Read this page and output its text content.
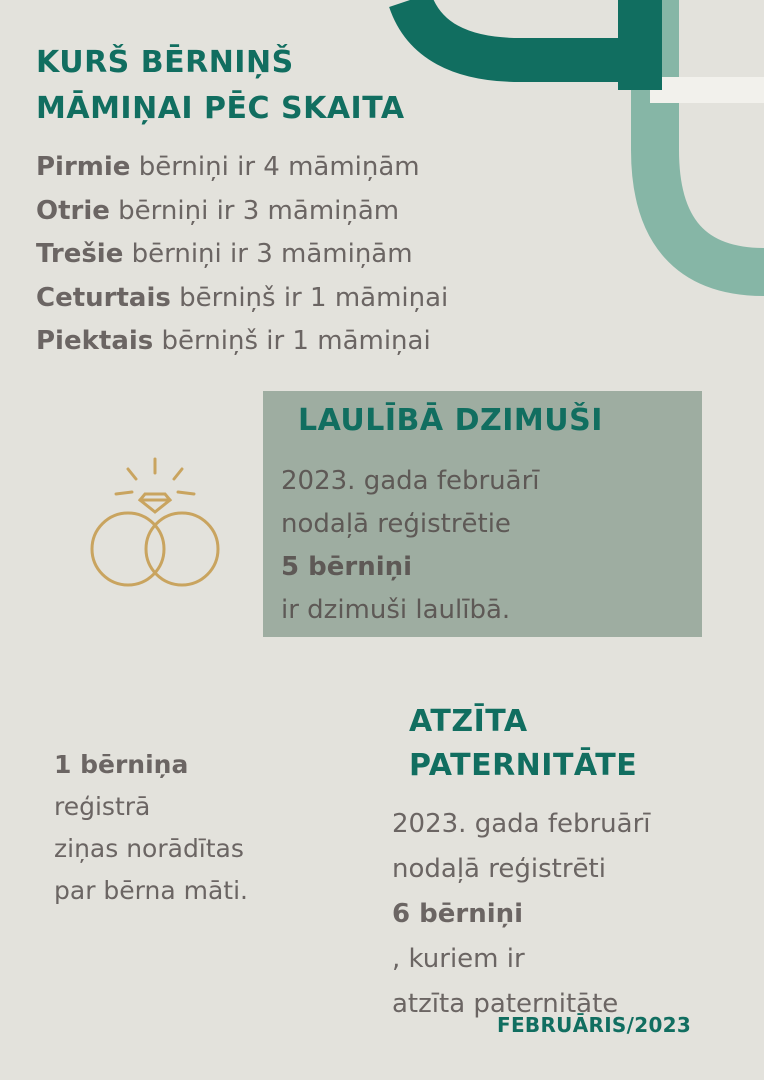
KURŠ BĒRNIŅŠ
MĀMIŅAI PĒC SKAITA
Pirmie bērniņi ir 4 māmiņām
Otrie bērniņi ir 3 māmiņām
Trešie bērniņi ir 3 māmiņām
Ceturtais bērniņš ir 1 māmiņai
Piektais bērniņš ir 1 māmiņai
LAULĪBĀ DZIMUŠI
2023. gada februārī
nodaļā reģistrētie
5 bērniņi
ir dzimuši laulībā.
1 bērniņa
reģistrā
ziņas norādītas
par bērna māti.
ATZĪTA
PATERNITĀTE
2023. gada februārī
nodaļā reģistrēti
6 bērniņi
, kuriem ir
atzīta paternitāte

FEBRUĀRIS/2023
